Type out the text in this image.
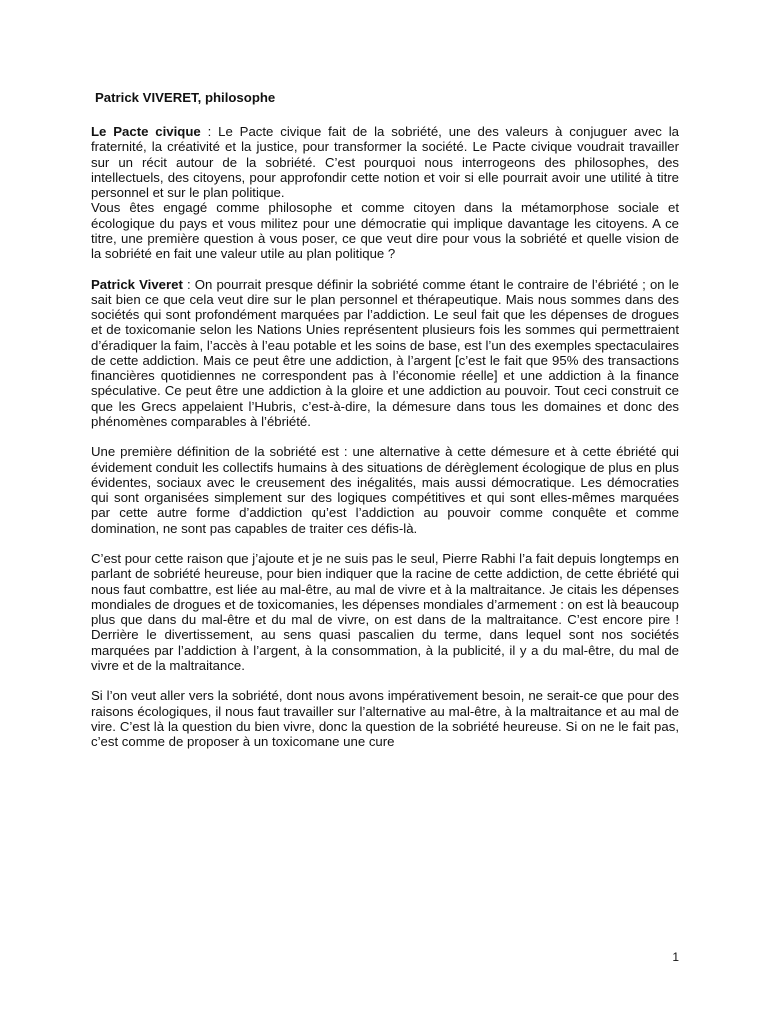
Patrick VIVERET, philosophe

Le Pacte civique : Le Pacte civique fait de la sobriété, une des valeurs à conjuguer avec la fraternité, la créativité et la justice, pour transformer la société. Le Pacte civique voudrait travailler sur un récit autour de la sobriété. C’est pourquoi nous interrogeons des philosophes, des intellectuels, des citoyens, pour approfondir cette notion et voir si elle pourrait avoir une utilité à titre personnel et sur le plan politique.

Vous êtes engagé comme philosophe et comme citoyen dans la métamorphose sociale et écologique du pays et vous militez pour une démocratie qui implique davantage les citoyens. A ce titre, une première question à vous poser, ce que veut dire pour vous la sobriété et quelle vision de la sobriété en fait une valeur utile au plan politique ?

Patrick Viveret : On pourrait presque définir la sobriété comme étant le contraire de l’ébriété ; on le sait bien ce que cela veut dire sur le plan personnel et thérapeutique. Mais nous sommes dans des sociétés qui sont profondément marquées par l’addiction. Le seul fait que les dépenses de drogues et de toxicomanie selon les Nations Unies représentent plusieurs fois les sommes qui permettraient d’éradiquer la faim, l’accès à l’eau potable et les soins de base, est l’un des exemples spectaculaires de cette addiction. Mais ce peut être une addiction, à l’argent [c’est le fait que 95% des transactions financières quotidiennes ne correspondent pas à l’économie réelle] et une addiction à la finance spéculative. Ce peut être une addiction à la gloire et une addiction au pouvoir. Tout ceci construit ce que les Grecs appelaient l’Hubris, c’est-à-dire, la démesure dans tous les domaines et donc des phénomènes comparables à l’ébriété.

Une première définition de la sobriété est : une alternative à cette démesure et à cette ébriété qui évidement conduit les collectifs humains à des situations de dérèglement écologique de plus en plus évidentes, sociaux avec le creusement des inégalités, mais aussi démocratique. Les démocraties qui sont organisées simplement sur des logiques compétitives et qui sont elles-mêmes marquées par cette autre forme d’addiction qu’est l’addiction au pouvoir comme conquête et comme domination, ne sont pas capables de traiter ces défis-là.

C’est pour cette raison que j’ajoute et je ne suis pas le seul, Pierre Rabhi l’a fait depuis longtemps en parlant de sobriété heureuse, pour bien indiquer que la racine de cette addiction, de cette ébriété qui nous faut combattre, est liée au mal-être, au mal de vivre et à la maltraitance. Je citais les dépenses mondiales de drogues et de toxicomanies, les dépenses mondiales d’armement : on est là beaucoup plus que dans du mal-être et du mal de vivre, on est dans de la maltraitance. C’est encore pire ! Derrière le divertissement, au sens quasi pascalien du terme, dans lequel sont nos sociétés marquées par l’addiction à l’argent, à la consommation, à la publicité, il y a du mal-être, du mal de vivre et de la maltraitance.

Si l’on veut aller vers la sobriété, dont nous avons impérativement besoin, ne serait-ce que pour des raisons écologiques, il nous faut travailler sur l’alternative au mal-être, à la maltraitance et au mal de vire. C’est là la question du bien vivre, donc la question de la sobriété heureuse. Si on ne le fait pas, c’est comme de proposer à un toxicomane une cure

1
